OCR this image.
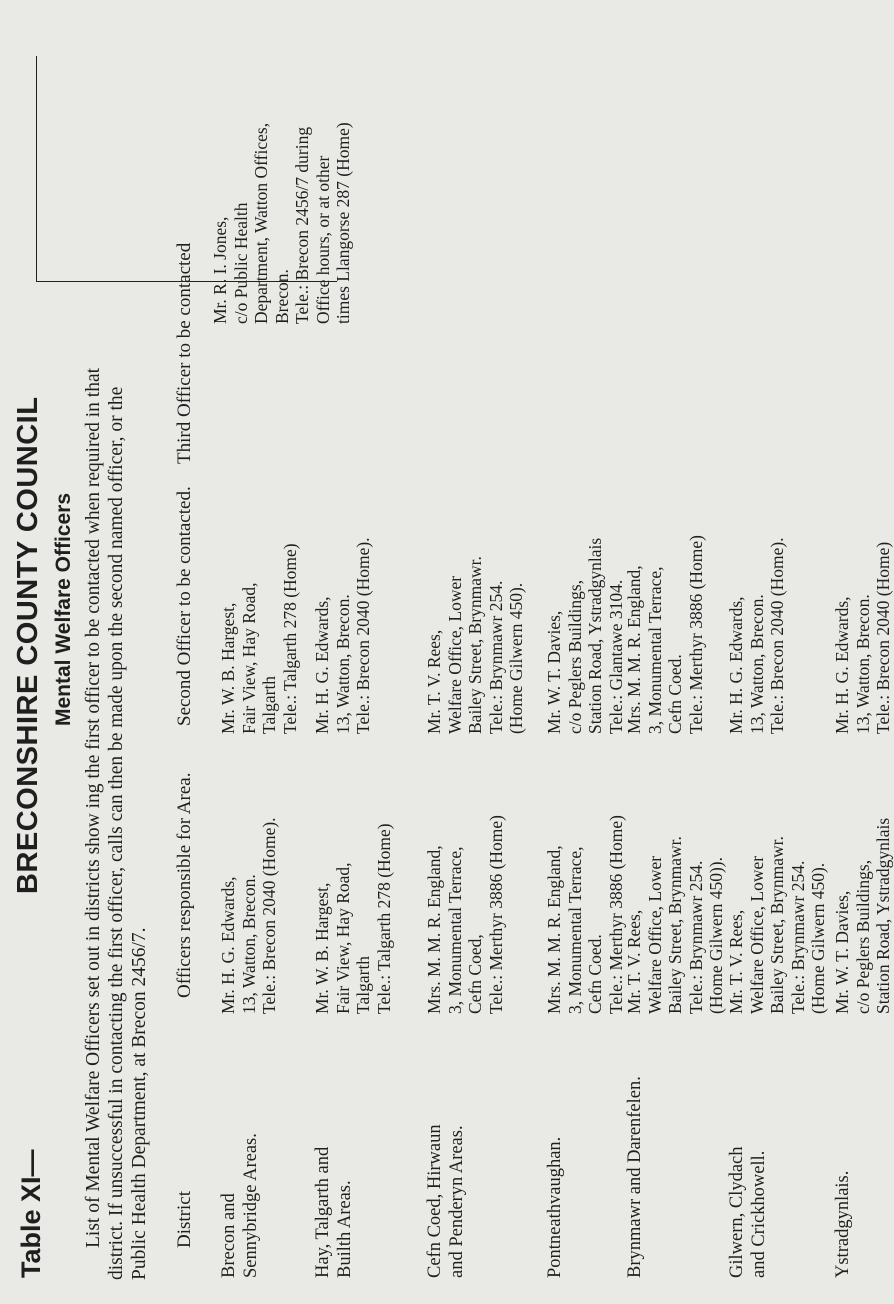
Table XI—
BRECONSHIRE COUNTY COUNCIL Mental Welfare Officers List of Mental Welfare Officers set out in districts show ing the first officer to be contacted when required in that district. If unsuccessful in contacting the first officer, calls can then be made upon the second named officer, or the Public Health Department, at Brecon 2456/7. District
Officers responsible for Area.
Second Officer to be contacted.
Third Officer to be contacted Mr. R. I. Jones, c/o Public Health Department, Watton Offices, Brecon. Tele.: Brecon 2456/7 during Office hours, or at other times Llangorse 287 (Home)
Brecon and Sennybridge Areas.
Mr. H. G. Edwards, 13, Watton, Brecon. Tele.: Brecon 2040 (Home).
Mr. W. B. Hargest, Fair View, Hay Road, Talgarth Tele.: Talgarth 278 (Home)
Hay, Talgarth and Builth Areas.
Mr. W. B. Hargest, Fair View, Hay Road, Talgarth Tele.: Talgarth 278 (Home)
Mr. H. G. Edwards, 13, Watton, Brecon. Tele.: Brecon 2040 (Home).
Cefn Coed, Hirwaun and Penderyn Areas.
Mrs. M. M. R. England, 3, Monumental Terrace, Cefn Coed, Tele.: Merthyr 3886 (Home)
Mr. T. V. Rees, Welfare Office, Lower Bailey Street, Brynmawr. Tele.: Brynmawr 254. (Home Gilwern 450).
Pontneathvaughan.
Mrs. M. M. R. England, 3, Monumental Terrace, Cefn Coed. Tele.: Merthyr 3886 (Home)
Mr. W. T. Davies, c/o Peglers Buildings, Station Road, Ystradgynlais Tele.: Glantawe 3104.
Brynmawr and Darenfelen.
Mr. T. V. Rees, Welfare Office, Lower Bailey Street, Brynmawr. Tele.: Brynmawr 254. (Home Gilwern 450)).
Mrs. M. M. R. England, 3, Monumental Terrace, Cefn Coed. Tele.: Merthyr 3886 (Home)
Gilwern, Clydach and Crickhowell.
Mr. T. V. Rees, Welfare Office, Lower Bailey Street, Brynmawr. Tele.: Brynmawr 254. (Home Gilwern 450).
Mr. H. G. Edwards, 13, Watton, Brecon. Tele.: Brecon 2040 (Home).
Ystradgynlais.
Mr. W. T. Davies, c/o Peglers Buildings, Station Road, Ystradgynlais
Mr. H. G. Edwards, 13, Watton, Brecon. Tele.: Brecon 2040 (Home)
